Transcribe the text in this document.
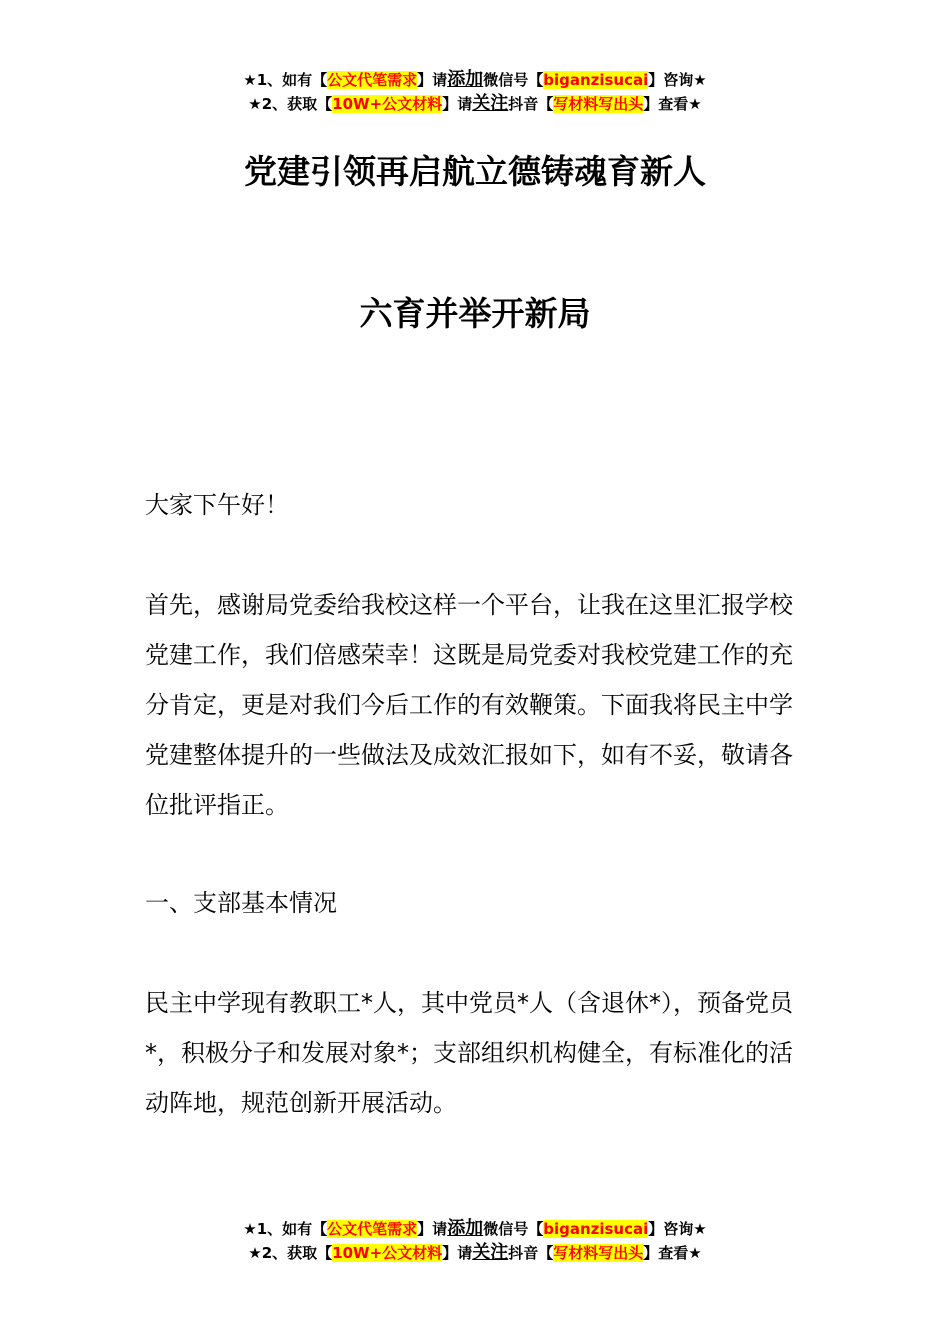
★1、如有【公文代笔需求】请添加微信号【biganzisucai】咨询★
★2、获取【10W+公文材料】请关注抖音【写材料写出头】查看★
党建引领再启航立德铸魂育新人
六育并举开新局

大家下午好！

首先，感谢局党委给我校这样一个平台，让我在这里汇报学校党建工作，我们倍感荣幸！这既是局党委对我校党建工作的充分肯定，更是对我们今后工作的有效鞭策。下面我将民主中学党建整体提升的一些做法及成效汇报如下，如有不妥，敬请各位批评指正。

一、支部基本情况

民主中学现有教职工*人，其中党员*人（含退休*），预备党员*，积极分子和发展对象*；支部组织机构健全，有标准化的活动阵地，规范创新开展活动。

★1、如有【公文代笔需求】请添加微信号【biganzisucai】咨询★
★2、获取【10W+公文材料】请关注抖音【写材料写出头】查看★
